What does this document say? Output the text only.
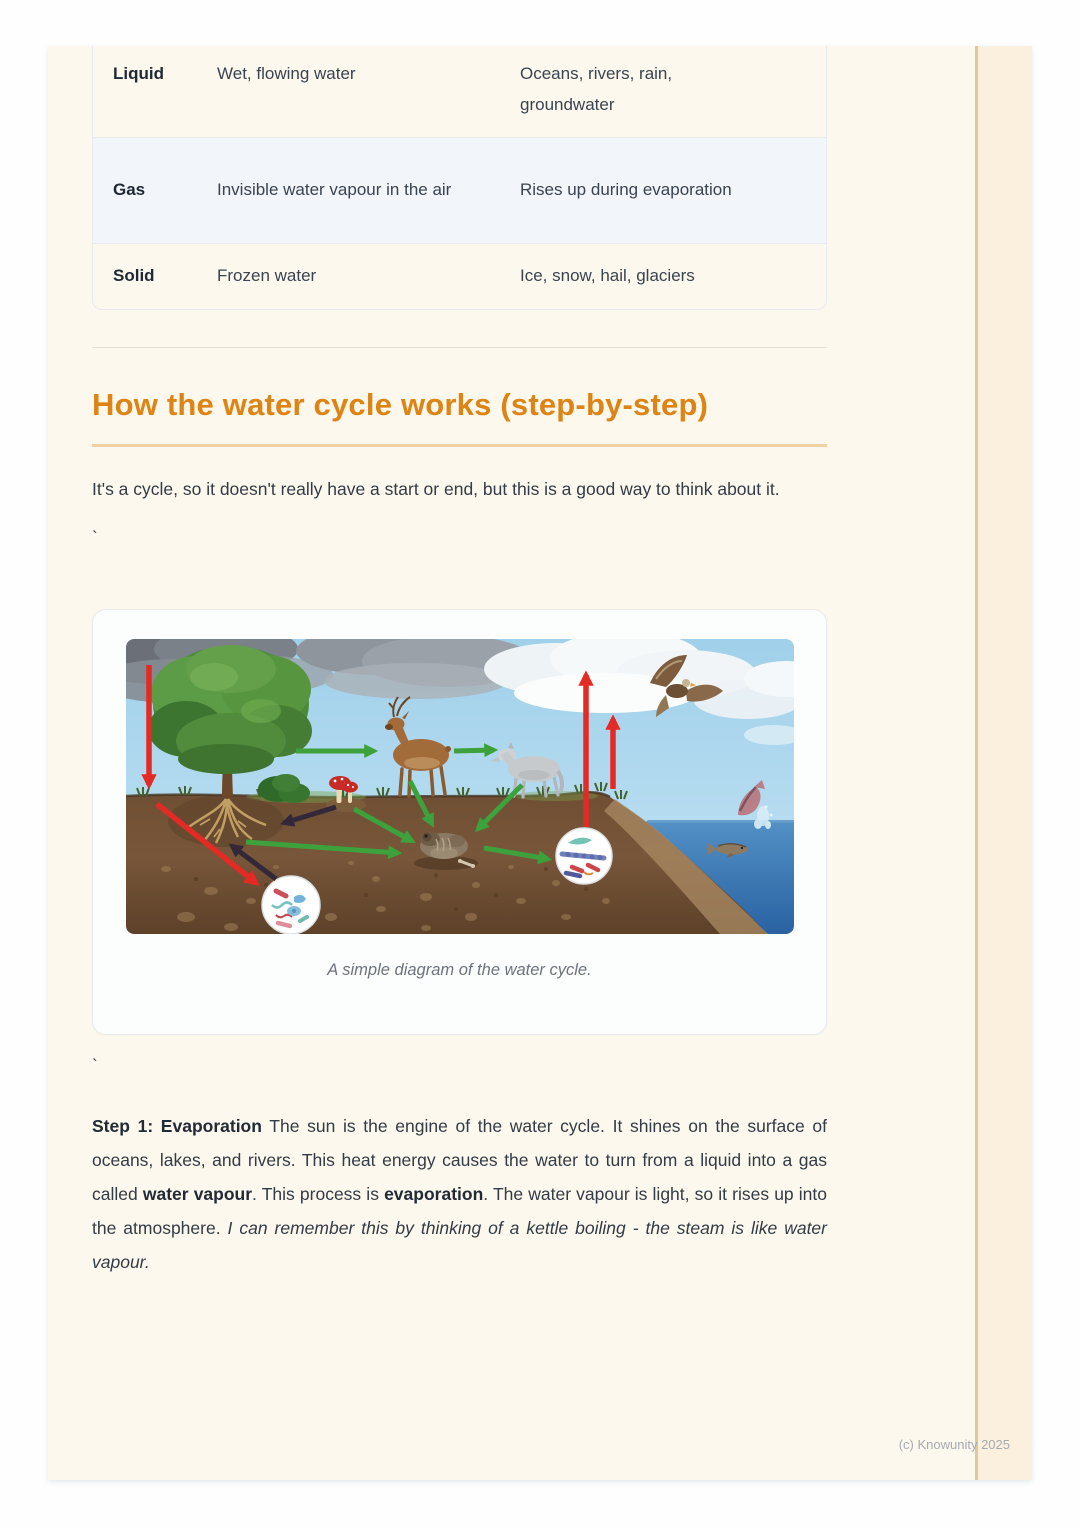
Liquid	Wet, flowing water	Oceans, rivers, rain, groundwater
Gas	Invisible water vapour in the air	Rises up during evaporation
Solid	Frozen water	Ice, snow, hail, glaciers
How the water cycle works (step-by-step)

It's a cycle, so it doesn't really have a start or end, but this is a good way to think about it.

`

A simple diagram of the water cycle.

`

Step 1: Evaporation The sun is the engine of the water cycle. It shines on the surface of oceans, lakes, and rivers. This heat energy causes the water to turn from a liquid into a gas called water vapour. This process is evaporation. The water vapour is light, so it rises up into the atmosphere. I can remember this by thinking of a kettle boiling - the steam is like water vapour.

(c) Knowunity 2025
